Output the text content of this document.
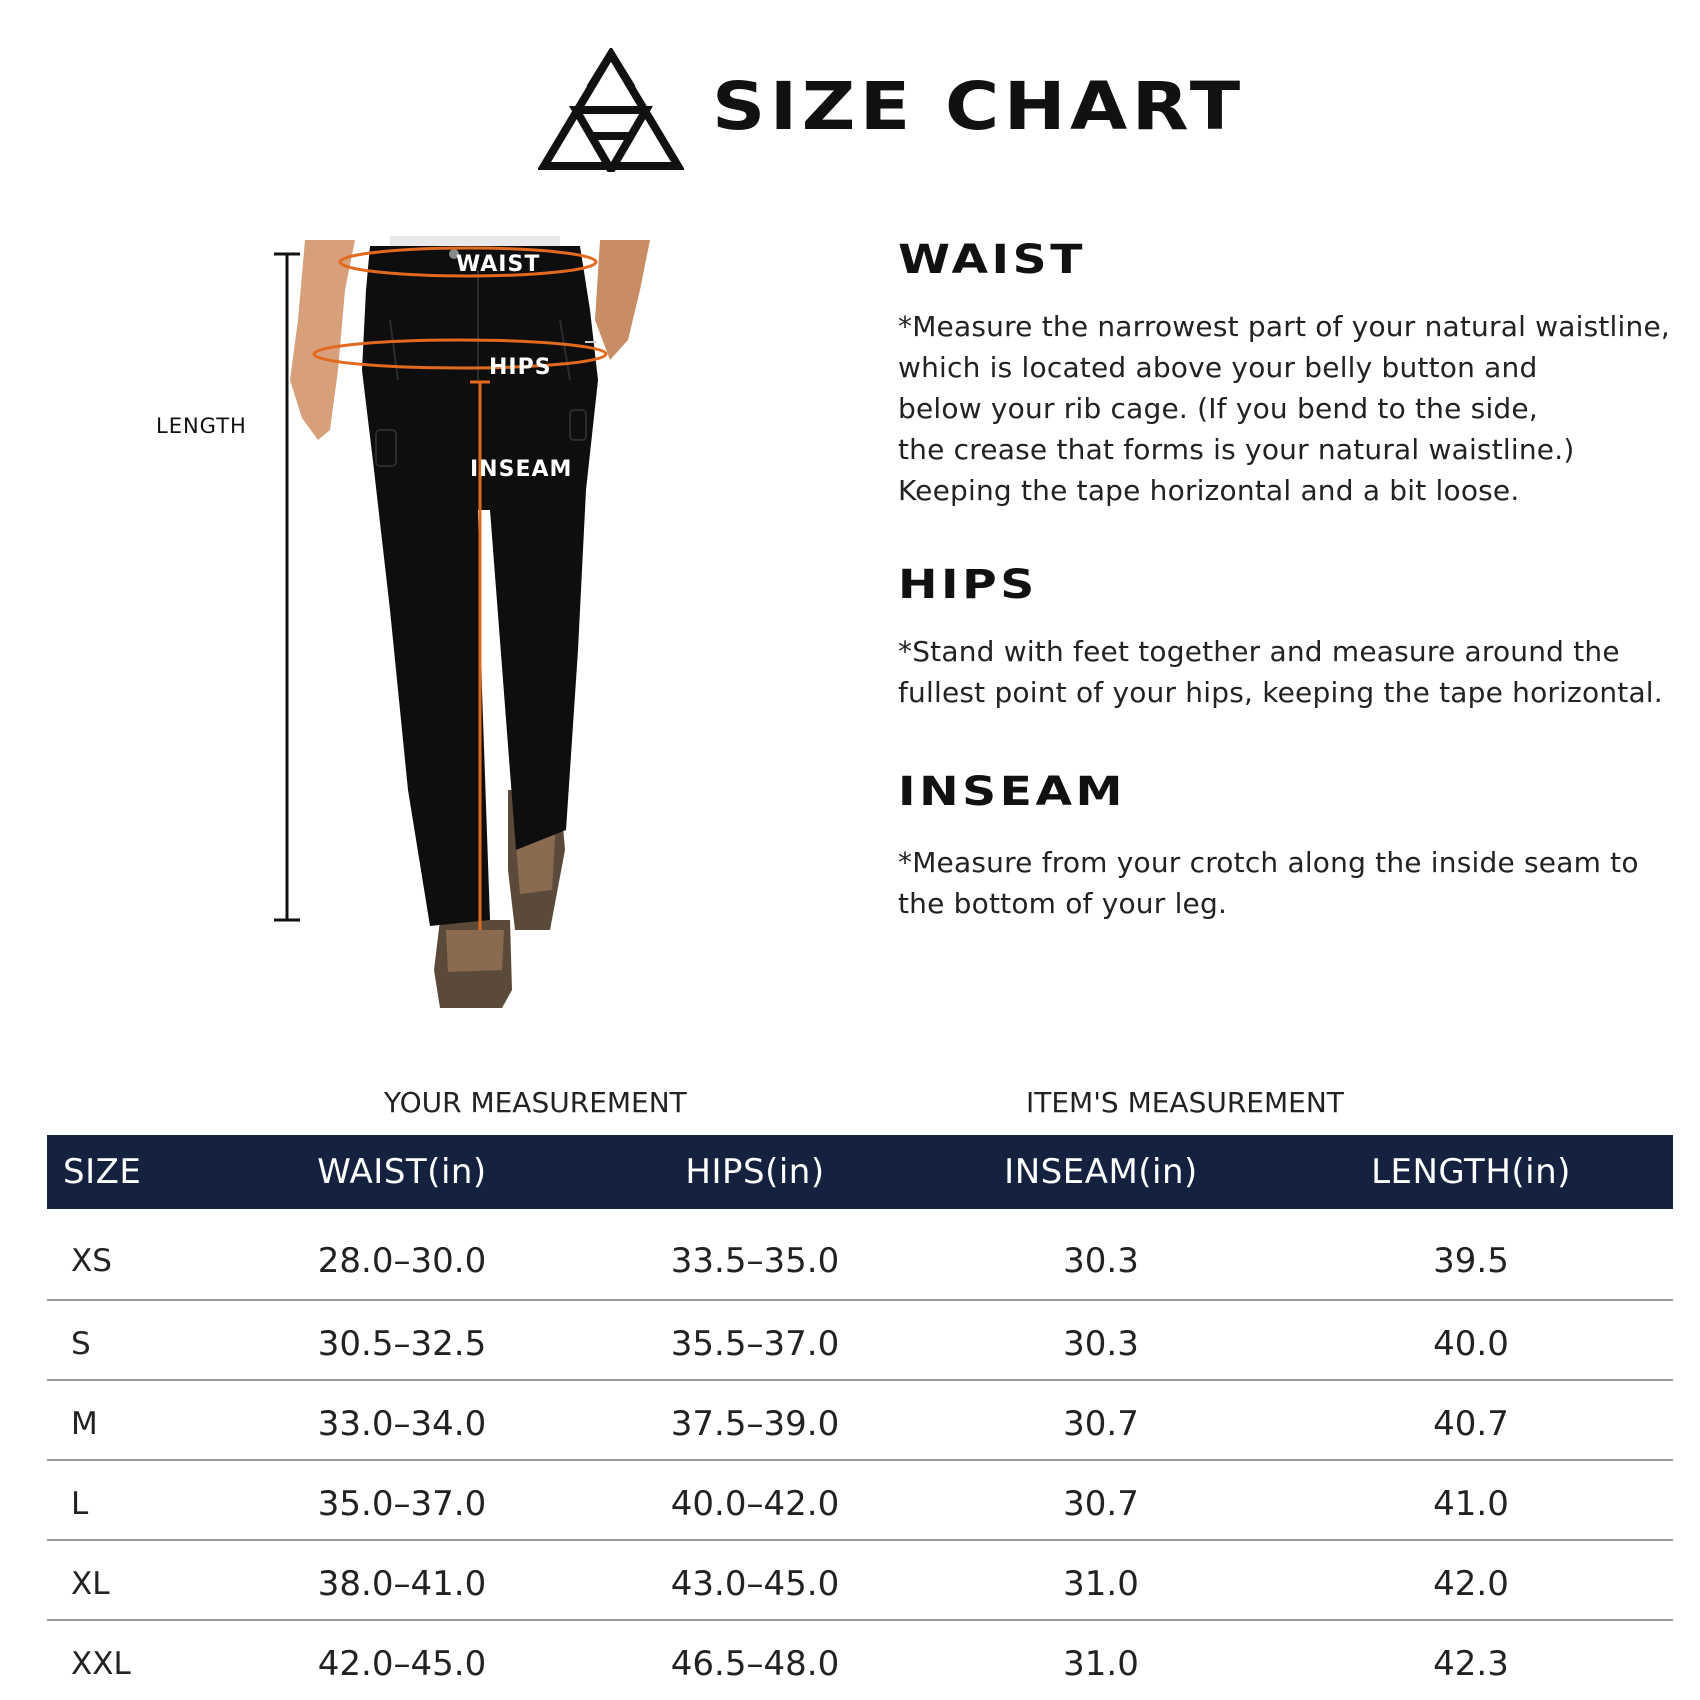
SIZE CHART
WAIST
HIPS
INSEAM
LENGTH
WAIST

*Measure the narrowest part of your natural waistline,
which is located above your belly button and
below your rib cage. (If you bend to the side,
the crease that forms is your natural waistline.)
Keeping the tape horizontal and a bit loose.

HIPS

*Stand with feet together and measure around the
fullest point of your hips, keeping the tape horizontal.

INSEAM

*Measure from your crotch along the inside seam to
the bottom of your leg.

YOUR MEASUREMENT	ITEM'S MEASUREMENT
SIZE	WAIST(in)	HIPS(in)	INSEAM(in)	LENGTH(in)
XS	28.0–30.0	33.5–35.0	30.3	39.5
S	30.5–32.5	35.5–37.0	30.3	40.0
M	33.0–34.0	37.5–39.0	30.7	40.7
L	35.0–37.0	40.0–42.0	30.7	41.0
XL	38.0–41.0	43.0–45.0	31.0	42.0
XXL	42.0–45.0	46.5–48.0	31.0	42.3
